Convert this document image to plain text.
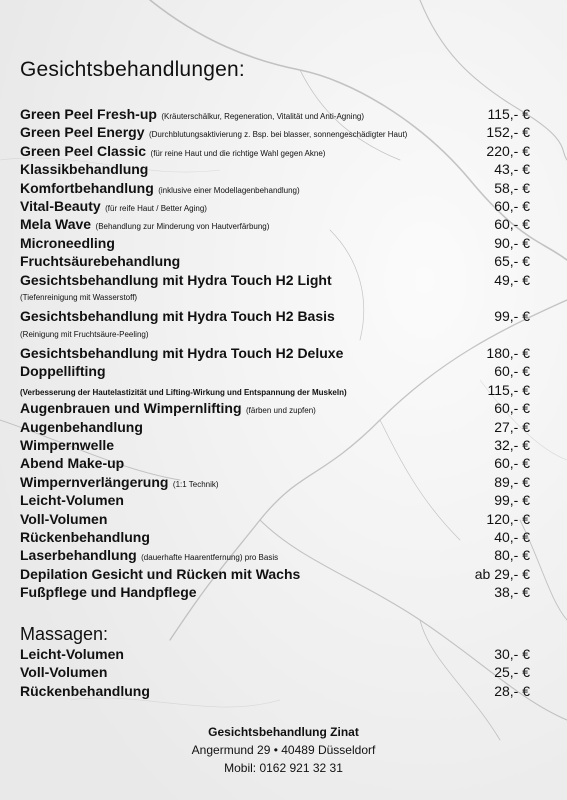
Gesichtsbehandlungen:
Green Peel Fresh-up (Kräuterschälkur, Regeneration, Vitalität und Anti-Agning)	115,- €
Green Peel Energy (Durchblutungsaktivierung z. Bsp. bei blasser, sonnengeschädigter Haut)	152,- €
Green Peel Classic (für reine Haut und die richtige Wahl gegen Akne)	220,- €
Klassikbehandlung	43,- €
Komfortbehandlung (inklusive einer Modellagenbehandlung)	58,- €
Vital-Beauty (für reife Haut / Better Aging)	60,- €
Mela Wave (Behandlung zur Minderung von Hautverfärbung)	60,- €
Microneedling	90,- €
Fruchtsäurebehandlung	65,- €
Gesichtsbehandlung mit Hydra Touch H2 Light	49,- €
(Tiefenreinigung mit Wasserstoff)
Gesichtsbehandlung mit Hydra Touch H2 Basis	99,- €
(Reinigung mit Fruchtsäure-Peeling)
Gesichtsbehandlung mit Hydra Touch H2 Deluxe	180,- €
Doppellifting	60,- €
(Verbesserung der Hautelastizität und Lifting-Wirkung und Entspannung der Muskeln)	115,- €
Augenbrauen und Wimpernlifting (färben und zupfen)	60,- €
Augenbehandlung	27,- €
Wimpernwelle	32,- €
Abend Make-up	60,- €
Wimpernverlängerung (1:1 Technik)	89,- €
Leicht-Volumen	99,- €
Voll-Volumen	120,- €
Rückenbehandlung	40,- €
Laserbehandlung (dauerhafte Haarentfernung) pro Basis	80,- €
Depilation Gesicht und Rücken mit Wachs	ab 29,- €
Fußpflege und Handpflege	38,- €
Massagen:
Leicht-Volumen	30,- €
Voll-Volumen	25,- €
Rückenbehandlung	28,- €
Gesichtsbehandlung Zinat
Angermund 29 • 40489 Düsseldorf
Mobil: 0162 921 32 31
